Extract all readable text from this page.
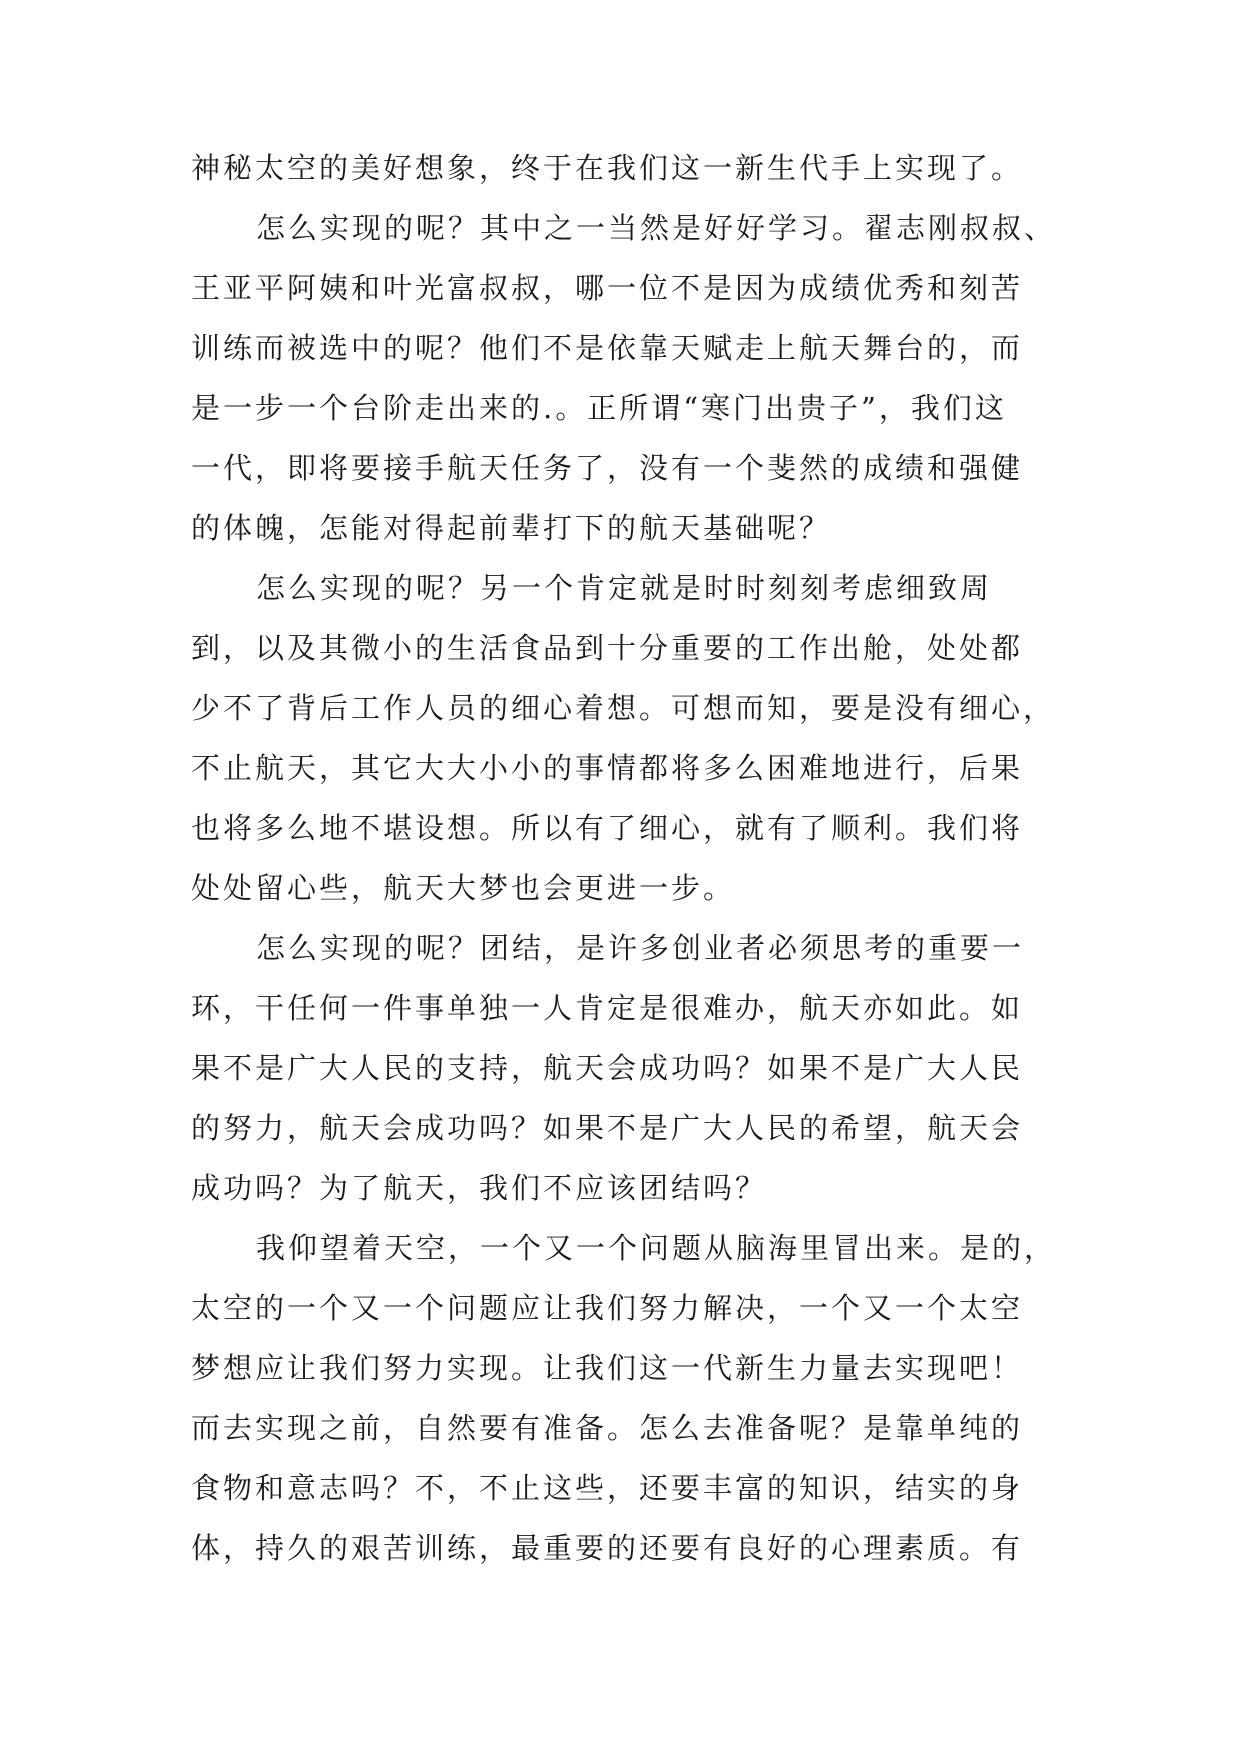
神秘太空的美好想象，终于在我们这一新生代手上实现了。
怎么实现的呢？其中之一当然是好好学习。翟志刚叔叔、
王亚平阿姨和叶光富叔叔，哪一位不是因为成绩优秀和刻苦
训练而被选中的呢？他们不是依靠天赋走上航天舞台的，而
是一步一个台阶走出来的.。正所谓“寒门出贵子”，我们这
一代，即将要接手航天任务了，没有一个斐然的成绩和强健
的体魄，怎能对得起前辈打下的航天基础呢？
怎么实现的呢？另一个肯定就是时时刻刻考虑细致周
到，以及其微小的生活食品到十分重要的工作出舱，处处都
少不了背后工作人员的细心着想。可想而知，要是没有细心，
不止航天，其它大大小小的事情都将多么困难地进行，后果
也将多么地不堪设想。所以有了细心，就有了顺利。我们将
处处留心些，航天大梦也会更进一步。
怎么实现的呢？团结，是许多创业者必须思考的重要一
环，干任何一件事单独一人肯定是很难办，航天亦如此。如
果不是广大人民的支持，航天会成功吗？如果不是广大人民
的努力，航天会成功吗？如果不是广大人民的希望，航天会
成功吗？为了航天，我们不应该团结吗？
我仰望着天空，一个又一个问题从脑海里冒出来。是的，
太空的一个又一个问题应让我们努力解决，一个又一个太空
梦想应让我们努力实现。让我们这一代新生力量去实现吧！
而去实现之前，自然要有准备。怎么去准备呢？是靠单纯的
食物和意志吗？不，不止这些，还要丰富的知识，结实的身
体，持久的艰苦训练，最重要的还要有良好的心理素质。有
